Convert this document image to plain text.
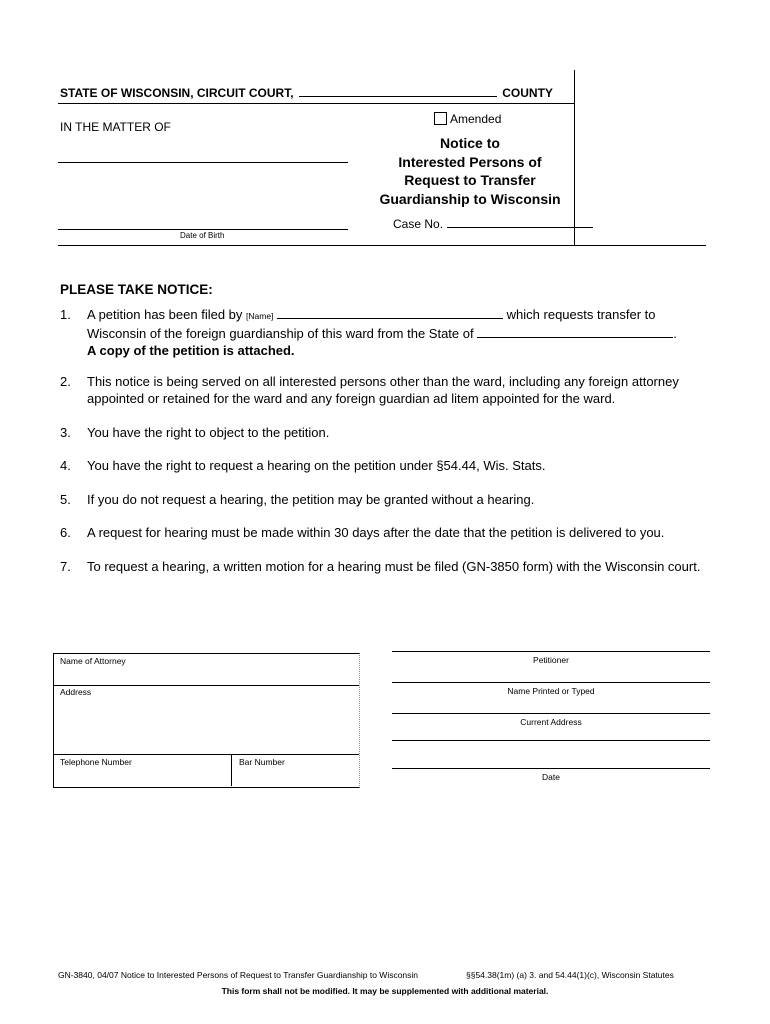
STATE OF WISCONSIN, CIRCUIT COURT,	COUNTY
IN THE MATTER OF
Date of Birth
Amended
Notice to
Interested Persons of
Request to Transfer
Guardianship to Wisconsin
Case No.
PLEASE TAKE NOTICE:
1. A petition has been filed by [Name]	which requests transfer to
Wisconsin of the foreign guardianship of this ward from the State of	.
A copy of the petition is attached.
2. This notice is being served on all interested persons other than the ward, including any foreign attorney appointed or retained for the ward and any foreign guardian ad litem appointed for the ward.
3. You have the right to object to the petition.
4. You have the right to request a hearing on the petition under §54.44, Wis. Stats.
5. If you do not request a hearing, the petition may be granted without a hearing.
6. A request for hearing must be made within 30 days after the date that the petition is delivered to you.
7. To request a hearing, a written motion for a hearing must be filed (GN-3850 form) with the Wisconsin court.
Name of Attorney
Address
Telephone Number	Bar Number
Petitioner
Name Printed or Typed
Current Address
Date
GN-3840, 04/07 Notice to Interested Persons of Request to Transfer Guardianship to Wisconsin	§§54.38(1m) (a) 3. and 54.44(1)(c), Wisconsin Statutes
This form shall not be modified. It may be supplemented with additional material.
